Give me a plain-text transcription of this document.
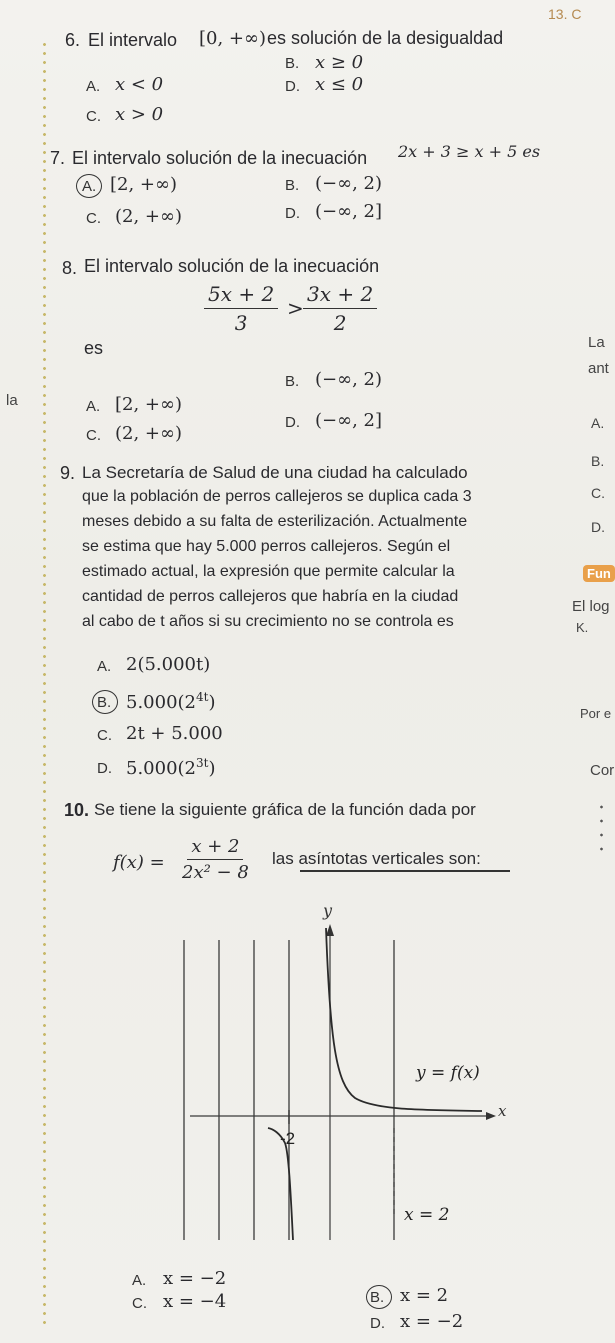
la
13. C
La
ant
A.
B.
C.
D.
Fun
El log
K.
Por e
Cor
6. El intervalo [0, +∞) es solución de la desigualdad
B. x ≥ 0
A. x < 0	D. x ≤ 0
C. x > 0
7. El intervalo solución de la inecuación 2x + 3 ≥ x + 5 es
B. (−∞, 2)
A. [2, +∞)
D. (−∞, 2]
C. (2, +∞)
8. El intervalo solución de la inecuación
$\frac{5x + 2}{3} > \frac{3x + 2}{2}$
es
B. (−∞, 2)
A. [2, +∞)
D. (−∞, 2]
C. (2, +∞)
9. La Secretaría de Salud de una ciudad ha calculado
que la población de perros callejeros se duplica cada 3
meses debido a su falta de esterilización. Actualmente
se estima que hay 5.000 perros callejeros. Según el
estimado actual, la expresión que permite calcular la
cantidad de perros callejeros que habría en la ciudad
al cabo de t años si su crecimiento no se controla es
A. 2(5.000t)
B. $5.000(2^{4t})$
C. 2t + 5.000
D. $5.000(2^{3t})$
10. Se tiene la siguiente gráfica de la función dada por
$f(x) = \frac{x + 2}{\text{2x² − 8}}$ las asíntotas verticales son:
y
x
y = f(x)
-2
x = 2
A. x = −2
B. x = 2
C. x = −4
D. x = −2
